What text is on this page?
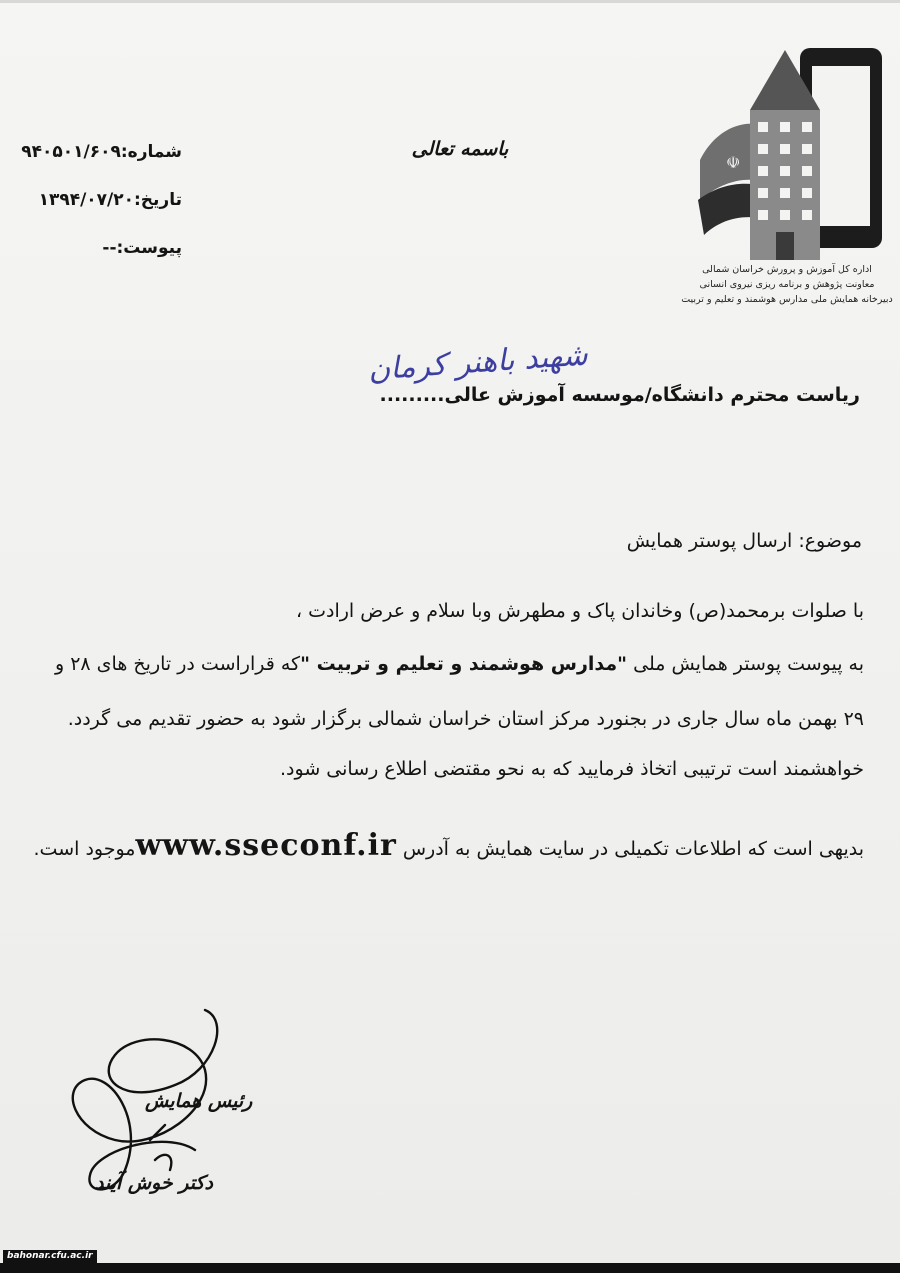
شماره:۹۴۰۵۰۱/۶۰۹
تاریخ:۱۳۹۴/۰۷/۲۰
پیوست:--
باسمه تعالی
☫
اداره کل آموزش و پرورش خراسان شمالی
معاونت پژوهش و برنامه ریزی نیروی انسانی
دبیرخانه همایش ملی مدارس هوشمند و تعلیم و تربیت
شهید باهنر کرمان
ریاست محترم دانشگاه/موسسه آموزش عالی.........
موضوع: ارسال پوستر همایش
با صلوات برمحمد(ص) وخاندان پاک و مطهرش وبا سلام و عرض ارادت ،
به پیوست پوستر همایش ملی "مدارس هوشمند و تعلیم و تربیت "که قراراست در تاریخ های ۲۸ و
۲۹ بهمن ماه سال جاری در بجنورد مرکز استان خراسان شمالی برگزار شود به حضور تقدیم می گردد.
خواهشمند است ترتیبی اتخاذ فرمایید که به نحو مقتضی اطلاع رسانی شود.
بدیهی است که اطلاعات تکمیلی در سایت همایش به آدرس www.sseconf.irموجود است.
رئیس همایش
دکتر خوش آیند
bahonar.cfu.ac.ir
